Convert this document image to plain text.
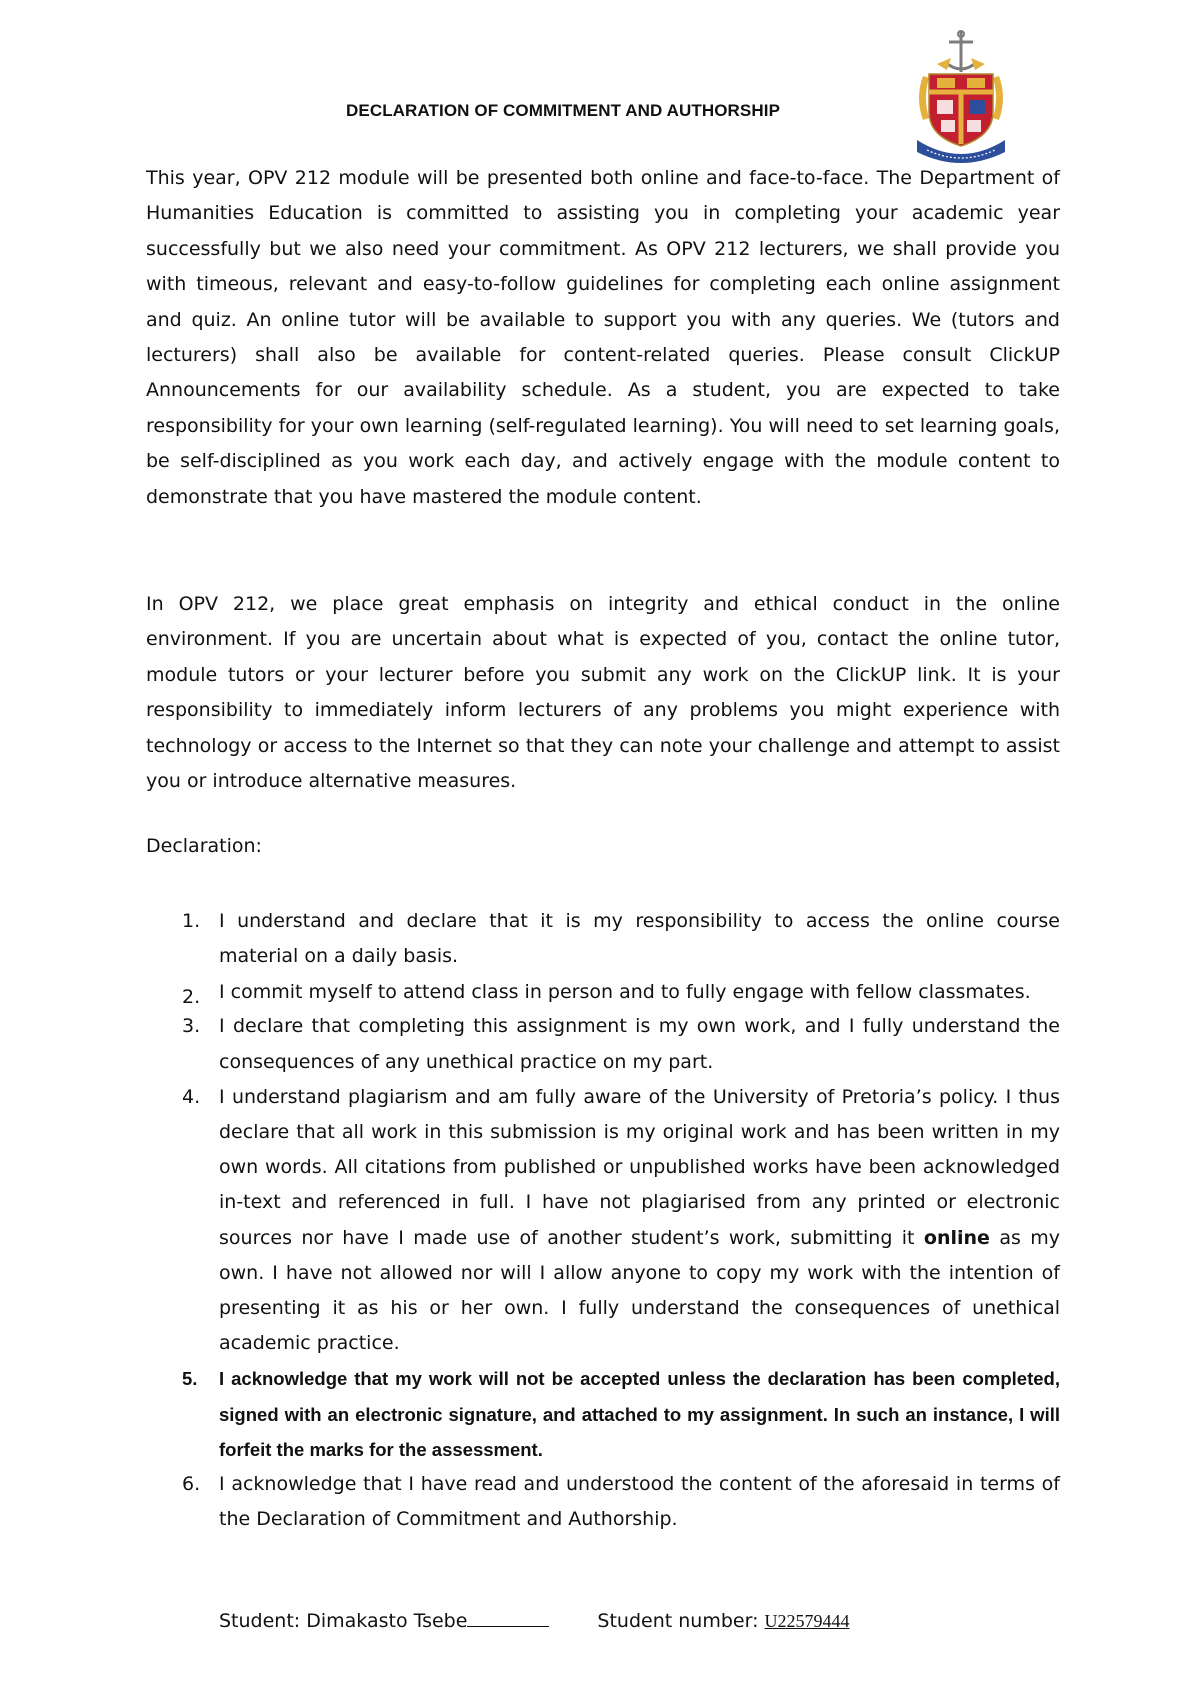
DECLARATION OF COMMITMENT AND AUTHORSHIP

This year, OPV 212 module will be presented both online and face-to-face. The Department of Humanities Education is committed to assisting you in completing your academic year successfully but we also need your commitment. As OPV 212 lecturers, we shall provide you with timeous, relevant and easy-to-follow guidelines for completing each online assignment and quiz. An online tutor will be available to support you with any queries. We (tutors and lecturers) shall also be available for content-related queries. Please consult ClickUP Announcements for our availability schedule. As a student, you are expected to take responsibility for your own learning (self-regulated learning). You will need to set learning goals, be self-disciplined as you work each day, and actively engage with the module content to demonstrate that you have mastered the module content.

In OPV 212, we place great emphasis on integrity and ethical conduct in the online environment. If you are uncertain about what is expected of you, contact the online tutor, module tutors or your lecturer before you submit any work on the ClickUP link. It is your responsibility to immediately inform lecturers of any problems you might experience with technology or access to the Internet so that they can note your challenge and attempt to assist you or introduce alternative measures.

Declaration:
1. I understand and declare that it is my responsibility to access the online course material on a daily basis.
2. I commit myself to attend class in person and to fully engage with fellow classmates.
3. I declare that completing this assignment is my own work, and I fully understand the consequences of any unethical practice on my part.
4. I understand plagiarism and am fully aware of the University of Pretoria’s policy. I thus declare that all work in this submission is my original work and has been written in my own words. All citations from published or unpublished works have been acknowledged in-text and referenced in full. I have not plagiarised from any printed or electronic sources nor have I made use of another student’s work, submitting it online as my own. I have not allowed nor will I allow anyone to copy my work with the intention of presenting it as his or her own. I fully understand the consequences of unethical academic practice.
5. I acknowledge that my work will not be accepted unless the declaration has been completed, signed with an electronic signature, and attached to my assignment. In such an instance, I will forfeit the marks for the assessment.
6. I acknowledge that I have read and understood the content of the aforesaid in terms of the Declaration of Commitment and Authorship.
Student: Dimakasto Tsebe	Student number: U22579444
